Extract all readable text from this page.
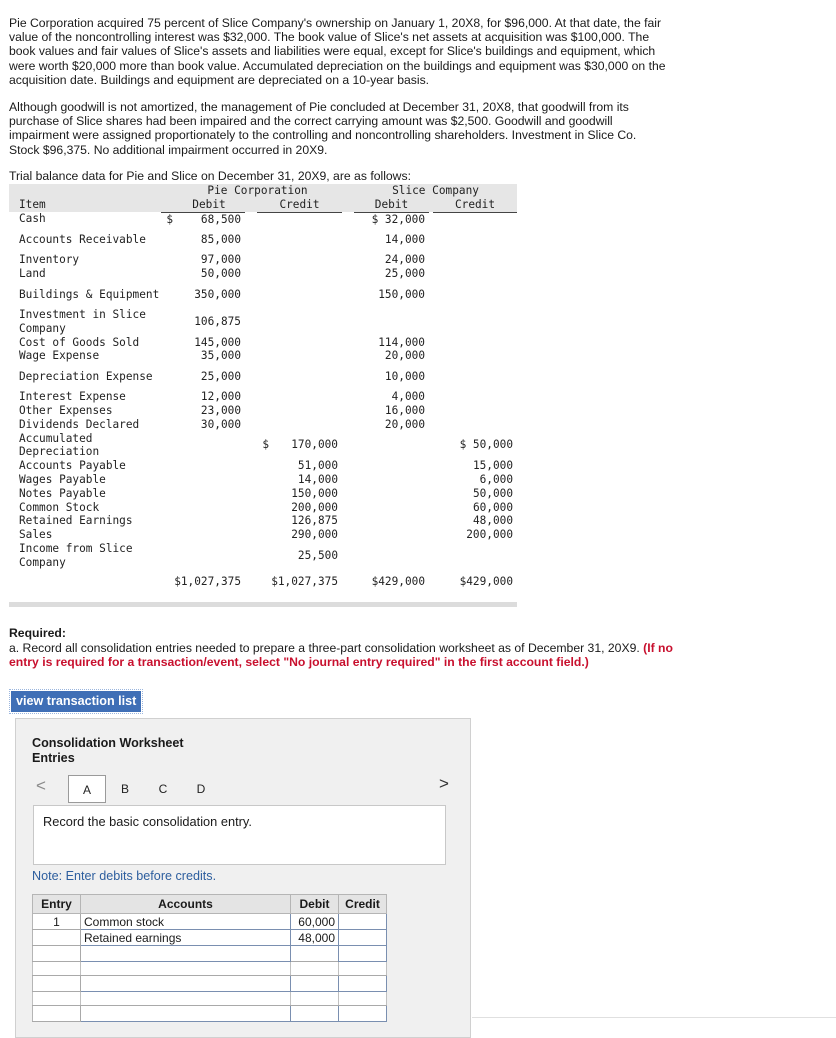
Pie Corporation acquired 75 percent of Slice Company's ownership on January 1, 20X8, for $96,000. At that date, the fair value of the noncontrolling interest was $32,000. The book value of Slice's net assets at acquisition was $100,000. The book values and fair values of Slice's assets and liabilities were equal, except for Slice's buildings and equipment, which were worth $20,000 more than book value. Accumulated depreciation on the buildings and equipment was $30,000 on the acquisition date. Buildings and equipment are depreciated on a 10-year basis.

Although goodwill is not amortized, the management of Pie concluded at December 31, 20X8, that goodwill from its purchase of Slice shares had been impaired and the correct carrying amount was $2,500. Goodwill and goodwill impairment were assigned proportionately to the controlling and noncontrolling shareholders. Investment in Slice Co. Stock $96,375. No additional impairment occurred in 20X9.

Trial balance data for Pie and Slice on December 31, 20X9, are as follows:
		Pie Corporation					Slice Company		
Item		Debit		Credit			Debit		Credit
Cash	$	68,500					$ 32,000		
Accounts Receivable		85,000					14,000		
Inventory		97,000					24,000		
Land		50,000					25,000		
Buildings & Equipment		350,000					150,000		
Investment in Slice Company		106,875							
Cost of Goods Sold		145,000					114,000		
Wage Expense		35,000					20,000		
Depreciation Expense		25,000					10,000		
Interest Expense		12,000					4,000		
Other Expenses		23,000					16,000		
Dividends Declared		30,000					20,000		
Accumulated Depreciation				$	170,000				$ 50,000
Accounts Payable					51,000				15,000
Wages Payable					14,000				6,000
Notes Payable					150,000				50,000
Common Stock					200,000				60,000
Retained Earnings					126,875				48,000
Sales					290,000				200,000
Income from Slice Company					25,500				
	$1,027,375			$1,027,375			$429,000		$429,000
Required:

a. Record all consolidation entries needed to prepare a three-part consolidation worksheet as of December 31, 20X9. (If no entry is required for a transaction/event, select "No journal entry required" in the first account field.)

view transaction list
Consolidation Worksheet Entries
<	A	B	C	D
Record the basic consolidation entry.
Note: Enter debits before credits.
Entry	Accounts	Debit	Credit
1	Common stock	60,000	
	Retained earnings	48,000	

>
